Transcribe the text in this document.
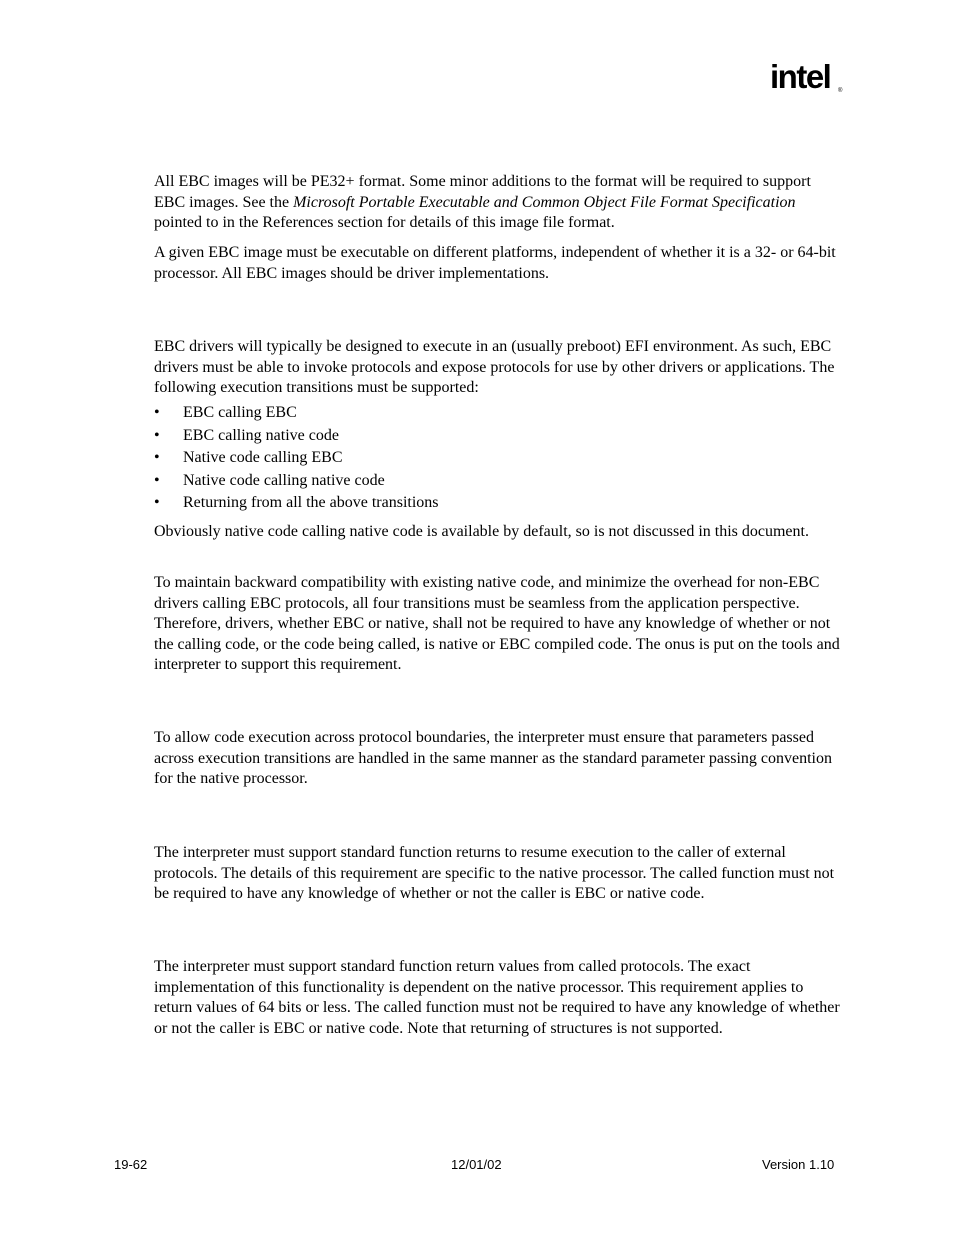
intel ®

All EBC images will be PE32+ format. Some minor additions to the format will be required to support EBC images. See the Microsoft Portable Executable and Common Object File Format Specification pointed to in the References section for details of this image file format.

A given EBC image must be executable on different platforms, independent of whether it is a 32- or 64-bit processor. All EBC images should be driver implementations.

EBC drivers will typically be designed to execute in an (usually preboot) EFI environment. As such, EBC drivers must be able to invoke protocols and expose protocols for use by other drivers or applications. The following execution transitions must be supported:

• EBC calling EBC
• EBC calling native code
• Native code calling EBC
• Native code calling native code
• Returning from all the above transitions

Obviously native code calling native code is available by default, so is not discussed in this document.

To maintain backward compatibility with existing native code, and minimize the overhead for non-EBC drivers calling EBC protocols, all four transitions must be seamless from the application perspective. Therefore, drivers, whether EBC or native, shall not be required to have any knowledge of whether or not the calling code, or the code being called, is native or EBC compiled code. The onus is put on the tools and interpreter to support this requirement.

To allow code execution across protocol boundaries, the interpreter must ensure that parameters passed across execution transitions are handled in the same manner as the standard parameter passing convention for the native processor.

The interpreter must support standard function returns to resume execution to the caller of external protocols. The details of this requirement are specific to the native processor. The called function must not be required to have any knowledge of whether or not the caller is EBC or native code.

The interpreter must support standard function return values from called protocols. The exact implementation of this functionality is dependent on the native processor. This requirement applies to return values of 64 bits or less. The called function must not be required to have any knowledge of whether or not the caller is EBC or native code. Note that returning of structures is not supported.

19-62	12/01/02	Version 1.10
